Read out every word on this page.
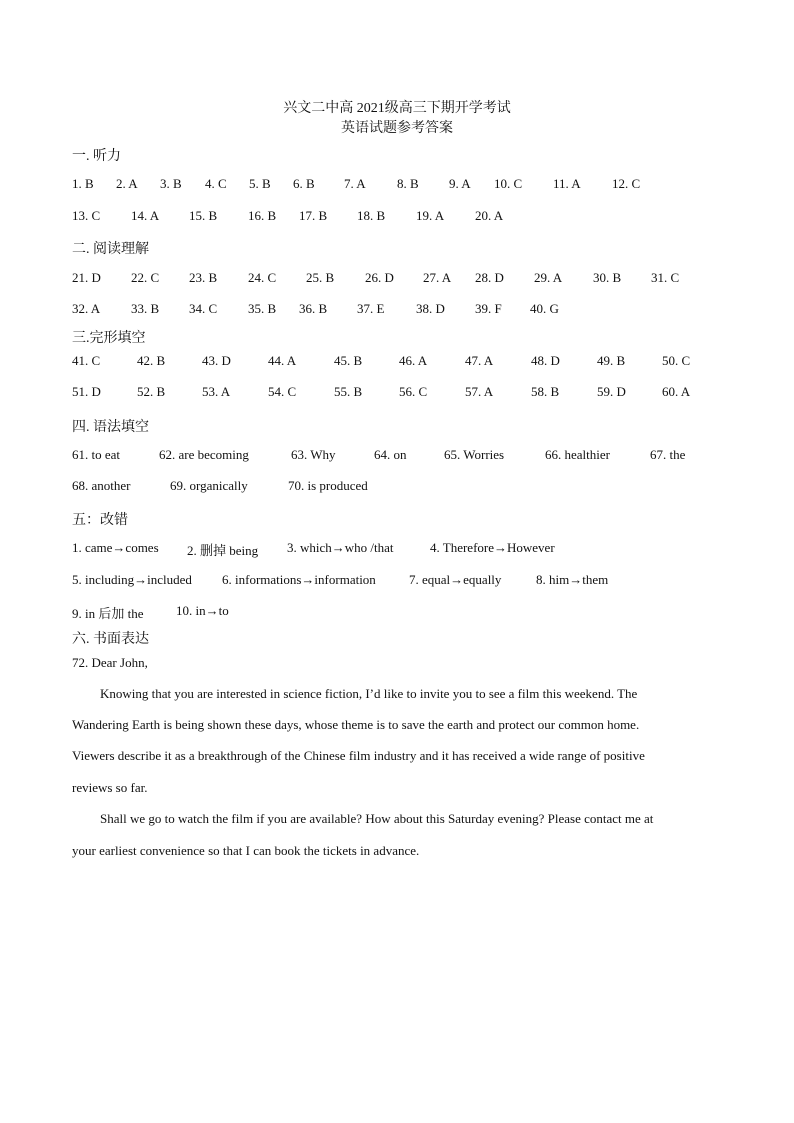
兴文二中高 2021级高三下期开学考试
英语试题参考答案
一. 听力
1. B 2. A 3. B 4. C 5. B 6. B 7. A 8. B 9. A 10. C 11. A 12. C
13. C 14. A 15. B 16. B 17. B 18. B 19. A 20. A
二. 阅读理解
21. D 22. C 23. B 24. C 25. B 26. D 27. A 28. D 29. A 30. B 31. C
32. A 33. B 34. C 35. B 36. B 37. E 38. D 39. F 40. G
三.完形填空
41. C	42. B	43. D	44. A	45. B	46. A	47. A	48. D	49. B	50. C
51. D	52. B	53. A	54. C	55. B	56. C	57. A	58. B	59. D	60. A
四. 语法填空
61. to eat	62. are becoming	63. Why	64. on	65. Worries	66. healthier	67. the
68. another	69. organically	70. is produced
五：改错
1. came→comes 2. 删掉 being 3. which→who /that	4. Therefore→However
5. including→included 6. informations→information	7. equal→equally	8. him→them
9. in 后加 the	10. in→to
六. 书面表达
72. Dear John,
Knowing that you are interested in science fiction, I’d like to invite you to see a film this weekend. The
Wandering Earth is being shown these days, whose theme is to save the earth and protect our common home.
Viewers describe it as a breakthrough of the Chinese film industry and it has received a wide range of positive
reviews so far.
Shall we go to watch the film if you are available? How about this Saturday evening? Please contact me at
your earliest convenience so that I can book the tickets in advance.
